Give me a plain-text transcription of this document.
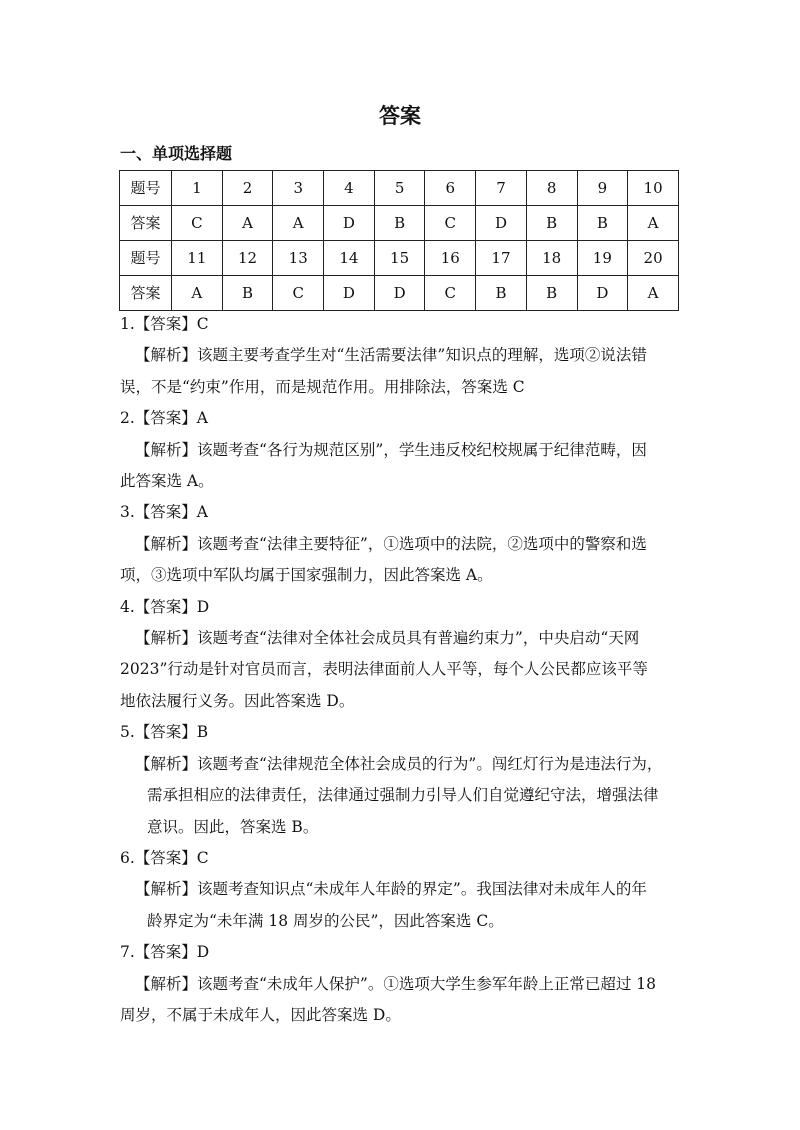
答案
一、单项选择题
题号	1	2	3	4	5	6	7	8	9	10
答案	C	A	A	D	B	C	D	B	B	A
题号	11	12	13	14	15	16	17	18	19	20
答案	A	B	C	D	D	C	B	B	D	A

1.【答案】C

【解析】该题主要考查学生对“生活需要法律”知识点的理解，选项②说法错

误，不是“约束”作用，而是规范作用。用排除法，答案选 C

2.【答案】A

【解析】该题考查“各行为规范区别”，学生违反校纪校规属于纪律范畴，因

此答案选 A。

3.【答案】A

【解析】该题考查“法律主要特征”，①选项中的法院，②选项中的警察和选

项，③选项中军队均属于国家强制力，因此答案选 A。

4.【答案】D

【解析】该题考查“法律对全体社会成员具有普遍约束力”，中央启动“天网

2023”行动是针对官员而言，表明法律面前人人平等，每个人公民都应该平等

地依法履行义务。因此答案选 D。

5.【答案】B

【解析】该题考查“法律规范全体社会成员的行为”。闯红灯行为是违法行为，

需承担相应的法律责任，法律通过强制力引导人们自觉遵纪守法，增强法律

意识。因此，答案选 B。

6.【答案】C

【解析】该题考查知识点“未成年人年龄的界定”。我国法律对未成年人的年

龄界定为“未年满 18 周岁的公民”，因此答案选 C。

7.【答案】D

【解析】该题考查“未成年人保护”。①选项大学生参军年龄上正常已超过 18

周岁，不属于未成年人，因此答案选 D。
